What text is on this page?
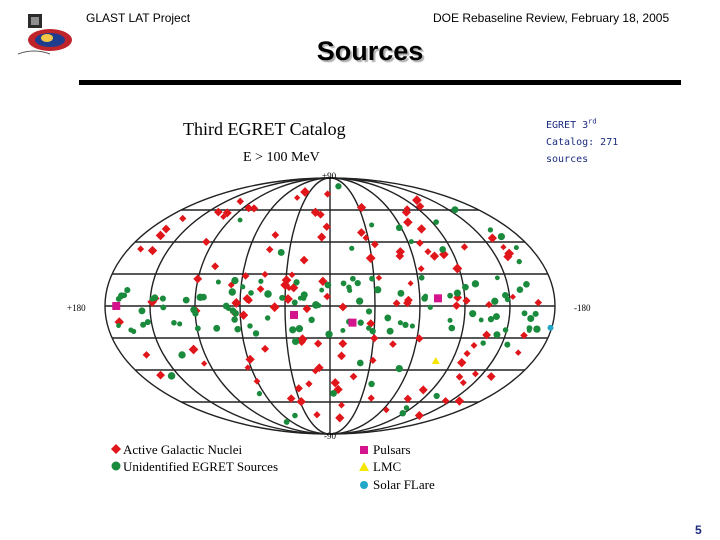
GLAST LAT Project	DOE Rebaseline Review, February 18, 2005
Sources
Third EGRET Catalog
E > 100 MeV
+90
-90
+180	-180
Active Galactic Nuclei
Unidentified EGRET Sources
Pulsars
LMC
Solar FLare
EGRET 3rd
Catalog: 271
sources
5
